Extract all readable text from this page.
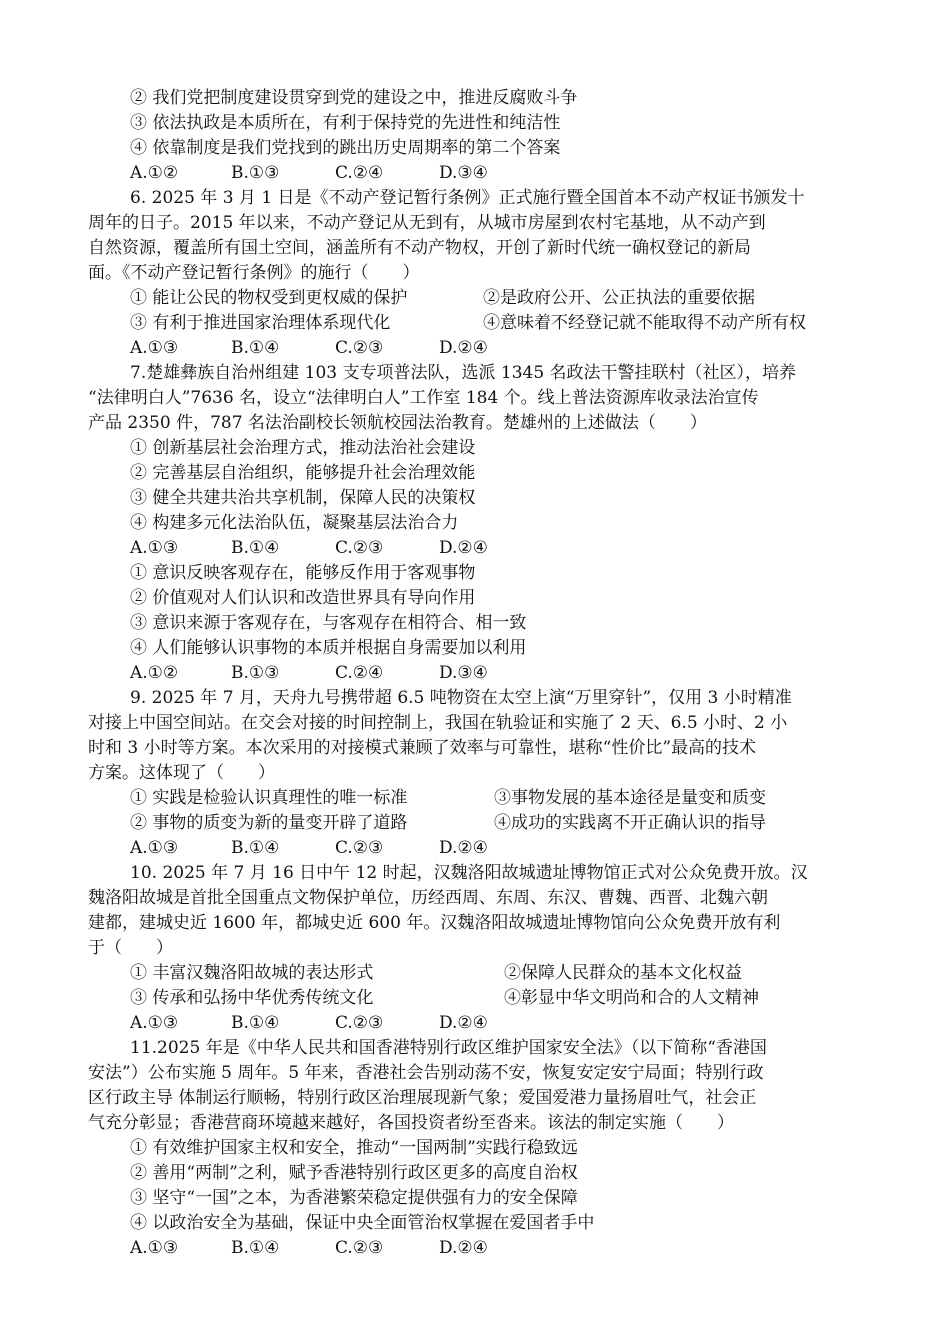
② 我们党把制度建设贯穿到党的建设之中，推进反腐败斗争
③ 依法执政是本质所在，有利于保持党的先进性和纯洁性
④ 依靠制度是我们党找到的跳出历史周期率的第二个答案
A.①②	B.①③	C.②④	D.③④
6. 2025 年 3 月 1 日是《不动产登记暂行条例》正式施行暨全国首本不动产权证书颁发十
周年的日子。2015 年以来，不动产登记从无到有，从城市房屋到农村宅基地，从不动产到
自然资源，覆盖所有国土空间，涵盖所有不动产物权，开创了新时代统一确权登记的新局
面。《不动产登记暂行条例》的施行（　　）
① 能让公民的物权受到更权威的保护	②是政府公开、公正执法的重要依据
③ 有利于推进国家治理体系现代化	④意味着不经登记就不能取得不动产所有权
A.①③	B.①④	C.②③	D.②④
7.楚雄彝族自治州组建 103 支专项普法队，选派 1345 名政法干警挂联村（社区），培养
“法律明白人”7636 名，设立“法律明白人”工作室 184 个。线上普法资源库收录法治宣传
产品 2350 件，787 名法治副校长领航校园法治教育。楚雄州的上述做法（　　）
① 创新基层社会治理方式，推动法治社会建设
② 完善基层自治组织，能够提升社会治理效能
③ 健全共建共治共享机制，保障人民的决策权
④ 构建多元化法治队伍，凝聚基层法治合力
A.①③	B.①④	C.②③	D.②④
① 意识反映客观存在，能够反作用于客观事物
② 价值观对人们认识和改造世界具有导向作用
③ 意识来源于客观存在，与客观存在相符合、相一致
④ 人们能够认识事物的本质并根据自身需要加以利用
A.①②	B.①③	C.②④	D.③④
9. 2025 年 7 月，天舟九号携带超 6.5 吨物资在太空上演“万里穿针”，仅用 3 小时精准
对接上中国空间站。在交会对接的时间控制上，我国在轨验证和实施了 2 天、6.5 小时、2 小
时和 3 小时等方案。本次采用的对接模式兼顾了效率与可靠性，堪称“性价比”最高的技术
方案。这体现了（　　）
① 实践是检验认识真理性的唯一标准	③事物发展的基本途径是量变和质变
② 事物的质变为新的量变开辟了道路	④成功的实践离不开正确认识的指导
A.①③	B.①④	C.②③	D.②④
10. 2025 年 7 月 16 日中午 12 时起，汉魏洛阳故城遗址博物馆正式对公众免费开放。汉
魏洛阳故城是首批全国重点文物保护单位，历经西周、东周、东汉、曹魏、西晋、北魏六朝
建都，建城史近 1600 年，都城史近 600 年。汉魏洛阳故城遗址博物馆向公众免费开放有利
于（　　）
① 丰富汉魏洛阳故城的表达形式	②保障人民群众的基本文化权益
③ 传承和弘扬中华优秀传统文化	④彰显中华文明尚和合的人文精神
A.①③	B.①④	C.②③	D.②④
11.2025 年是《中华人民共和国香港特别行政区维护国家安全法》（以下简称“香港国
安法”）公布实施 5 周年。5 年来，香港社会告别动荡不安，恢复安定安宁局面；特别行政
区行政主导 体制运行顺畅，特别行政区治理展现新气象；爱国爱港力量扬眉吐气，社会正
气充分彰显；香港营商环境越来越好，各国投资者纷至沓来。该法的制定实施（　　）
① 有效维护国家主权和安全，推动“一国两制”实践行稳致远
② 善用“两制”之利，赋予香港特别行政区更多的高度自治权
③ 坚守“一国”之本，为香港繁荣稳定提供强有力的安全保障
④ 以政治安全为基础，保证中央全面管治权掌握在爱国者手中
A.①③	B.①④	C.②③	D.②④
